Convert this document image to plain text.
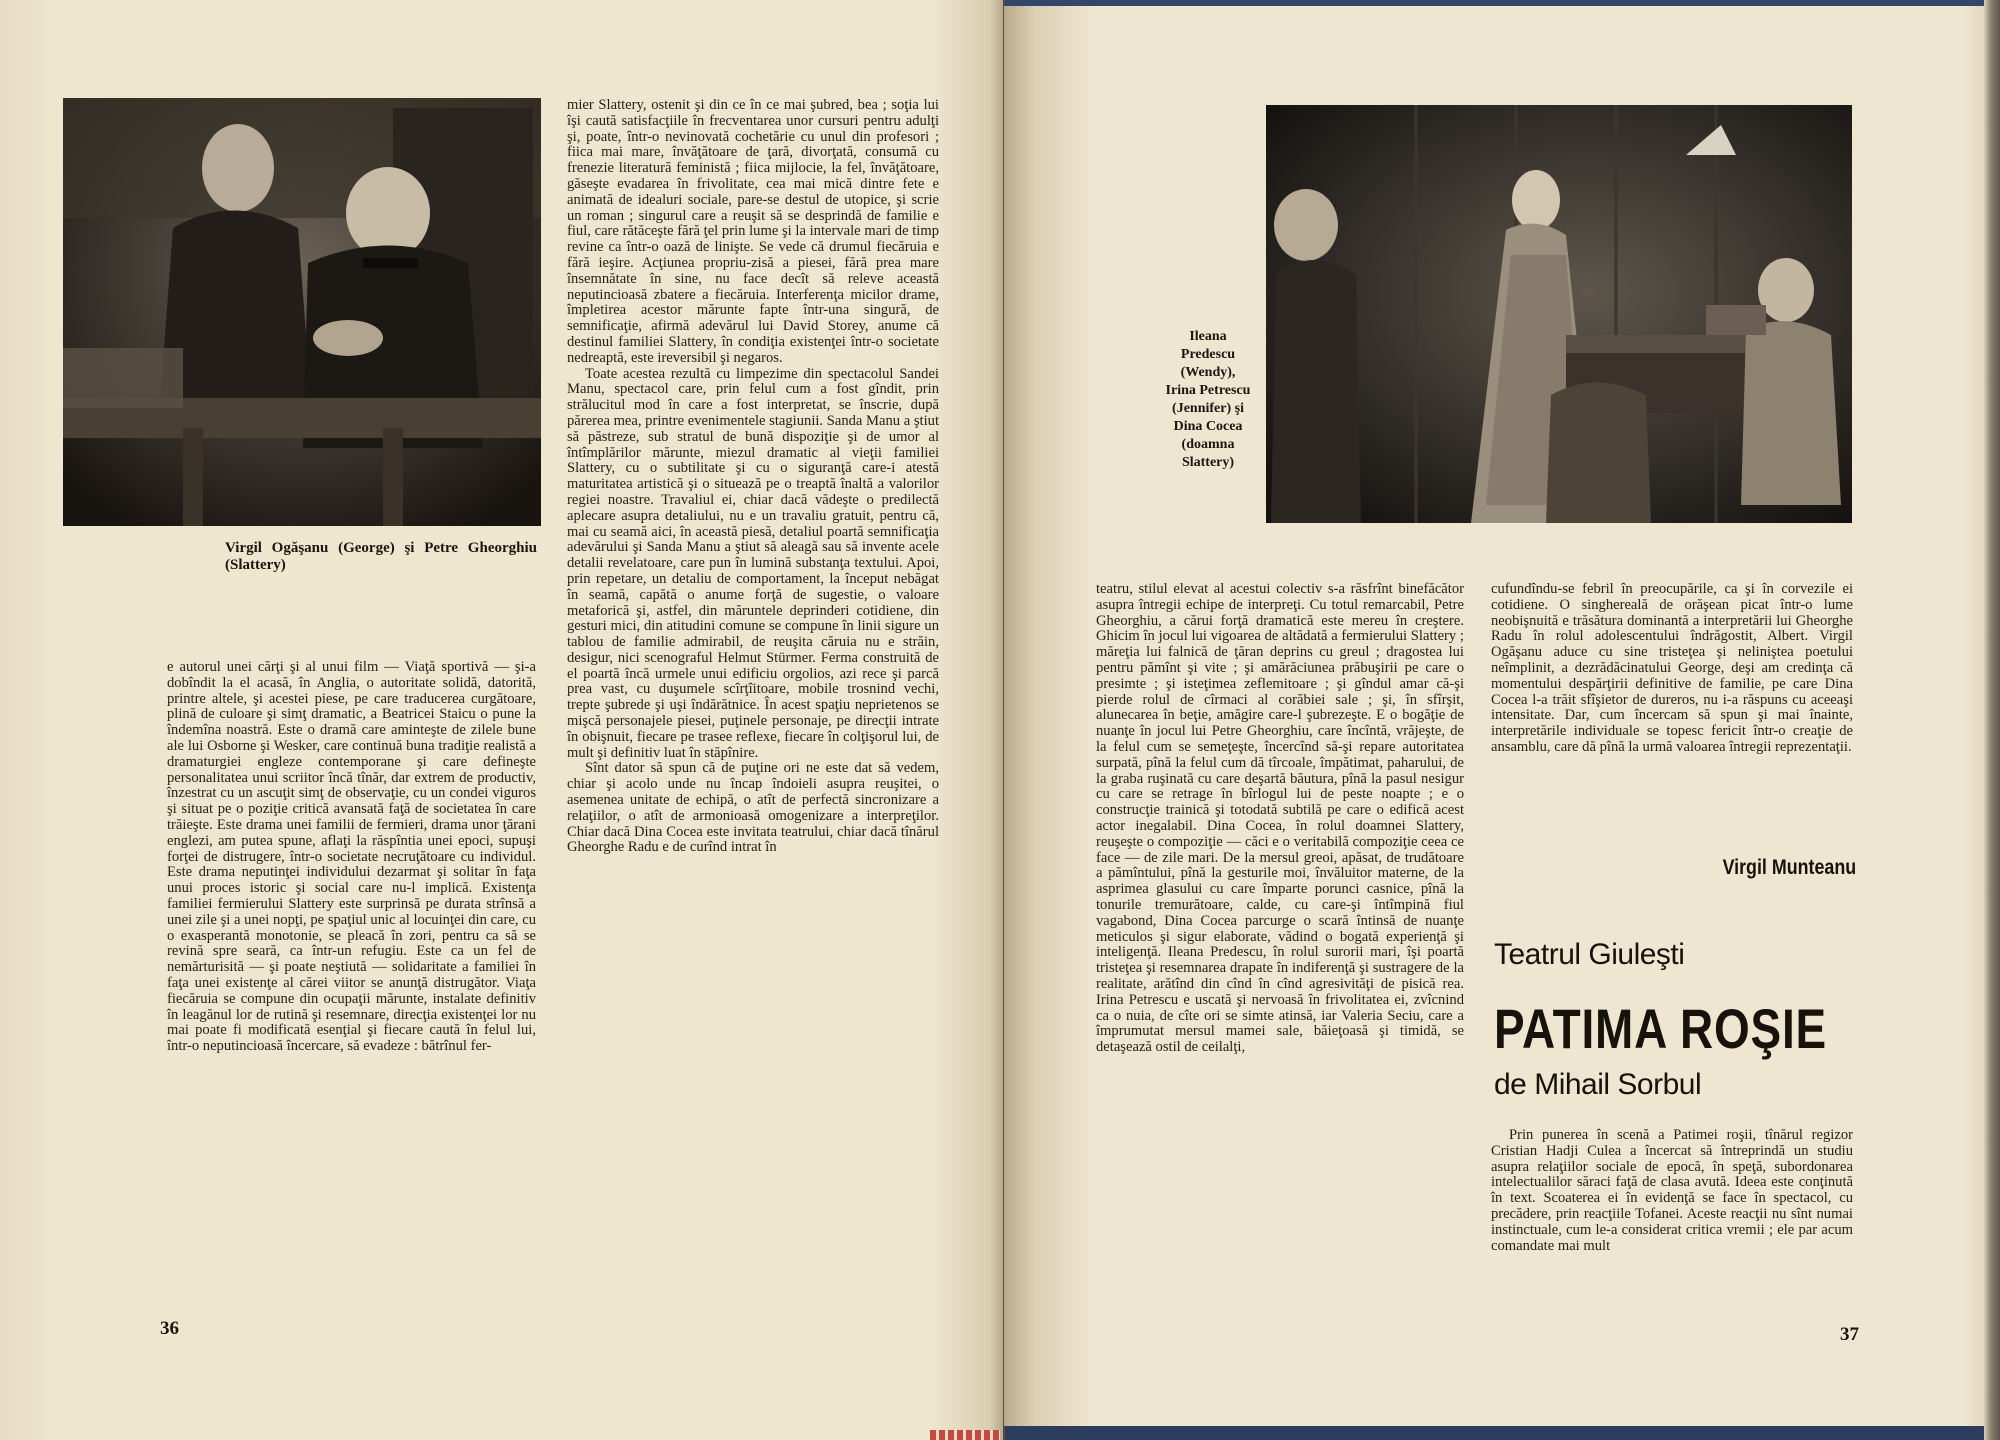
Virgil Ogăşanu (George) şi Petre Gheorghiu (Slattery)

e autorul unei cărţi şi al unui film — Viaţă sportivă — şi-a dobîndit la el acasă, în Anglia, o autoritate solidă, datorită, printre altele, şi acestei piese, pe care traducerea curgătoare, plină de culoare şi simţ dramatic, a Beatricei Staicu o pune la îndemîna noastră. Este o dramă care aminteşte de zilele bune ale lui Osborne şi Wesker, care continuă buna tradiţie realistă a dramaturgiei engleze contemporane şi care defineşte personalitatea unui scriitor încă tînăr, dar extrem de productiv, înzestrat cu un ascuţit simţ de observaţie, cu un condei viguros şi situat pe o poziţie critică avansată faţă de societatea în care trăieşte. Este drama unei familii de fermieri, drama unor ţărani englezi, am putea spune, aflaţi la răspîntia unei epoci, supuşi forţei de distrugere, într-o societate necruţătoare cu individul. Este drama neputinţei individului dezarmat şi solitar în faţa unui proces istoric şi social care nu-l implică. Existenţa familiei fermierului Slattery este surprinsă pe durata strînsă a unei zile şi a unei nopţi, pe spaţiul unic al locuinţei din care, cu o exasperantă monotonie, se pleacă în zori, pentru ca să se revină spre seară, ca într-un refugiu. Este ca un fel de nemărturisită — şi poate neştiută — solidaritate a familiei în faţa unei existenţe al cărei viitor se anunţă distrugător. Viaţa fiecăruia se compune din ocupaţii mărunte, instalate definitiv în leagănul lor de rutină şi resemnare, direcţia existenţei lor nu mai poate fi modificată esenţial şi fiecare caută în felul lui, într-o neputincioasă încercare, să evadeze : bătrînul fer-

mier Slattery, ostenit şi din ce în ce mai şubred, bea ; soţia lui îşi caută satisfacţiile în frecventarea unor cursuri pentru adulţi şi, poate, într-o nevinovată cochetărie cu unul din profesori ; fiica mai mare, învăţătoare de ţară, divorţată, consumă cu frenezie literatură feministă ; fiica mijlocie, la fel, învăţătoare, găseşte evadarea în frivolitate, cea mai mică dintre fete e animată de idealuri sociale, pare-se destul de utopice, şi scrie un roman ; singurul care a reuşit să se desprindă de familie e fiul, care rătăceşte fără ţel prin lume şi la intervale mari de timp revine ca într-o oază de linişte. Se vede că drumul fiecăruia e fără ieşire. Acţiunea propriu-zisă a piesei, fără prea mare însemnătate în sine, nu face decît să releve această neputincioasă zbatere a fiecăruia. Interferenţa micilor drame, împletirea acestor mărunte fapte într-una singură, de semnificaţie, afirmă adevărul lui David Storey, anume că destinul familiei Slattery, în condiţia existenţei într-o societate nedreaptă, este ireversibil şi negaros.

Toate acestea rezultă cu limpezime din spectacolul Sandei Manu, spectacol care, prin felul cum a fost gîndit, prin strălucitul mod în care a fost interpretat, se înscrie, după părerea mea, printre evenimentele stagiunii. Sanda Manu a ştiut să păstreze, sub stratul de bună dispoziţie şi de umor al întîmplărilor mărunte, miezul dramatic al vieţii familiei Slattery, cu o subtilitate şi cu o siguranţă care-i atestă maturitatea artistică şi o situează pe o treaptă înaltă a valorilor regiei noastre. Travaliul ei, chiar dacă vădeşte o predilectă aplecare asupra detaliului, nu e un travaliu gratuit, pentru că, mai cu seamă aici, în această piesă, detaliul poartă semnificaţia adevărului şi Sanda Manu a ştiut să aleagă sau să invente acele detalii revelatoare, care pun în lumină substanţa textului. Apoi, prin repetare, un detaliu de comportament, la început nebăgat în seamă, capătă o anume forţă de sugestie, o valoare metaforică şi, astfel, din măruntele deprinderi cotidiene, din gesturi mici, din atitudini comune se compune în linii sigure un tablou de familie admirabil, de reuşita căruia nu e străin, desigur, nici scenograful Helmut Stürmer. Ferma construită de el poartă încă urmele unui edificiu orgolios, azi rece şi parcă prea vast, cu duşumele scîrţîitoare, mobile trosnind vechi, trepte şubrede şi uşi îndărătnice. În acest spaţiu neprietenos se mişcă personajele piesei, puţinele personaje, pe direcţii intrate în obişnuit, fiecare pe trasee reflexe, fiecare în colţişorul lui, de mult şi definitiv luat în stăpînire.

Sînt dator să spun că de puţine ori ne este dat să vedem, chiar şi acolo unde nu încap îndoieli asupra reuşitei, o asemenea unitate de echipă, o atît de perfectă sincronizare a relaţiilor, o atît de armonioasă omogenizare a interpreţilor. Chiar dacă Dina Cocea este invitata teatrului, chiar dacă tînărul Gheorghe Radu e de curînd intrat în

36
Ileana Predescu (Wendy), Irina Petrescu (Jennifer) şi Dina Cocea (doamna Slattery)

teatru, stilul elevat al acestui colectiv s-a răsfrînt binefăcător asupra întregii echipe de interpreţi. Cu totul remarcabil, Petre Gheorghiu, a cărui forţă dramatică este mereu în creştere. Ghicim în jocul lui vigoarea de altădată a fermierului Slattery ; măreţia lui falnică de ţăran deprins cu greul ; dragostea lui pentru pămînt şi vite ; şi amărăciunea prăbuşirii pe care o presimte ; şi isteţimea zeflemitoare ; şi gîndul amar că-şi pierde rolul de cîrmaci al corăbiei sale ; şi, în sfîrşit, alunecarea în beţie, amăgire care-l şubrezeşte. E o bogăţie de nuanţe în jocul lui Petre Gheorghiu, care încîntă, vrăjeşte, de la felul cum se semeţeşte, încercînd să-şi repare autoritatea surpată, pînă la felul cum dă tîrcoale, împătimat, paharului, de la graba ruşinată cu care deşartă băutura, pînă la pasul nesigur cu care se retrage în bîrlogul lui de peste noapte ; e o construcţie trainică şi totodată subtilă pe care o edifică acest actor inegalabil. Dina Cocea, în rolul doamnei Slattery, reuşeşte o compoziţie — căci e o veritabilă compoziţie ceea ce face — de zile mari. De la mersul greoi, apăsat, de trudătoare a pămîntului, pînă la gesturile moi, învăluitor materne, de la asprimea glasului cu care împarte porunci casnice, pînă la tonurile tremurătoare, calde, cu care-şi întîmpină fiul vagabond, Dina Cocea parcurge o scară întinsă de nuanţe meticulos şi sigur elaborate, vădind o bogată experienţă şi inteligenţă. Ileana Predescu, în rolul surorii mari, îşi poartă tristeţea şi resemnarea drapate în indiferenţă şi sustragere de la realitate, arătînd din cînd în cînd agresivităţi de pisică rea. Irina Petrescu e uscată şi nervoasă în frivolitatea ei, zvîcnind ca o nuia, de cîte ori se simte atinsă, iar Valeria Seciu, care a împrumutat mersul mamei sale, băieţoasă şi timidă, se detaşează ostil de ceilalţi,

cufundîndu-se febril în preocupările, ca şi în corvezile ei cotidiene. O singhereală de orăşean picat într-o lume neobişnuită e trăsătura dominantă a interpretării lui Gheorghe Radu în rolul adolescentului îndrăgostit, Albert. Virgil Ogăşanu aduce cu sine tristeţea şi neliniştea poetului neîmplinit, a dezrădăcinatului George, deşi am credinţa că momentului despărţirii definitive de familie, pe care Dina Cocea l-a trăit sfîşietor de dureros, nu i-a răspuns cu aceeaşi intensitate. Dar, cum încercam să spun şi mai înainte, interpretările individuale se topesc fericit într-o creaţie de ansamblu, care dă pînă la urmă valoarea întregii reprezentaţii.

Virgil Munteanu
Teatrul Giuleşti
PATIMA ROŞIE
de Mihail Sorbul

Prin punerea în scenă a Patimei roşii, tînărul regizor Cristian Hadji Culea a încercat să întreprindă un studiu asupra relaţiilor sociale de epocă, în speţă, subordonarea intelectualilor săraci faţă de clasa avută. Ideea este conţinută în text. Scoaterea ei în evidenţă se face în spectacol, cu precădere, prin reacţiile Tofanei. Aceste reacţii nu sînt numai instinctuale, cum le-a considerat critica vremii ; ele par acum comandate mai mult

37
